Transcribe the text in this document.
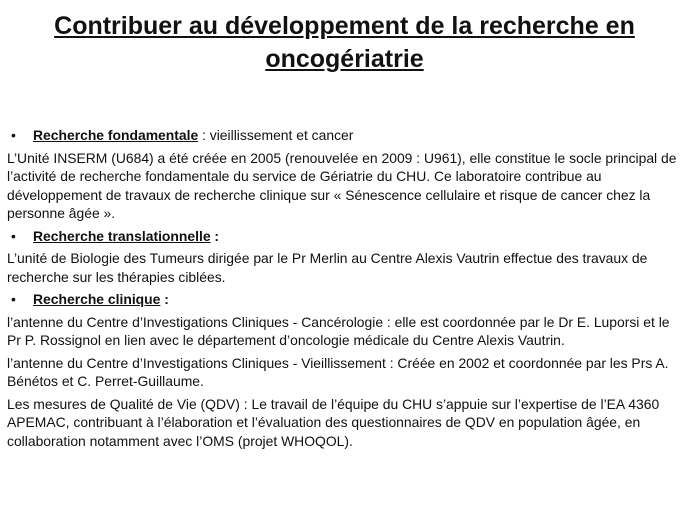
Contribuer au développement de la recherche en
oncogériatrie
•	Recherche fondamentale : vieillissement et cancer
L’Unité INSERM (U684) a été créée en 2005 (renouvelée en 2009 : U961), elle constitue le socle principal de l’activité de recherche fondamentale du service de Gériatrie du CHU. Ce laboratoire contribue au développement de travaux de recherche clinique sur « Sénescence cellulaire et risque de cancer chez la personne âgée ».
•	Recherche translationnelle :
L’unité de Biologie des Tumeurs dirigée par le Pr Merlin au Centre Alexis Vautrin effectue des travaux de recherche sur les thérapies ciblées.
•	Recherche clinique :
l’antenne du Centre d’Investigations Cliniques - Cancérologie : elle est coordonnée par le Dr E. Luporsi et le Pr P. Rossignol en lien avec le département d’oncologie médicale du Centre Alexis Vautrin.
l’antenne du Centre d’Investigations Cliniques - Vieillissement : Créée en 2002 et coordonnée par les Prs A. Bénétos et C. Perret-Guillaume.
Les mesures de Qualité de Vie (QDV) : Le travail de l’équipe du CHU s’appuie sur l’expertise de l’EA 4360 APEMAC, contribuant à l’élaboration et l’évaluation des questionnaires de QDV en population âgée, en collaboration notamment avec l’OMS (projet WHOQOL).
